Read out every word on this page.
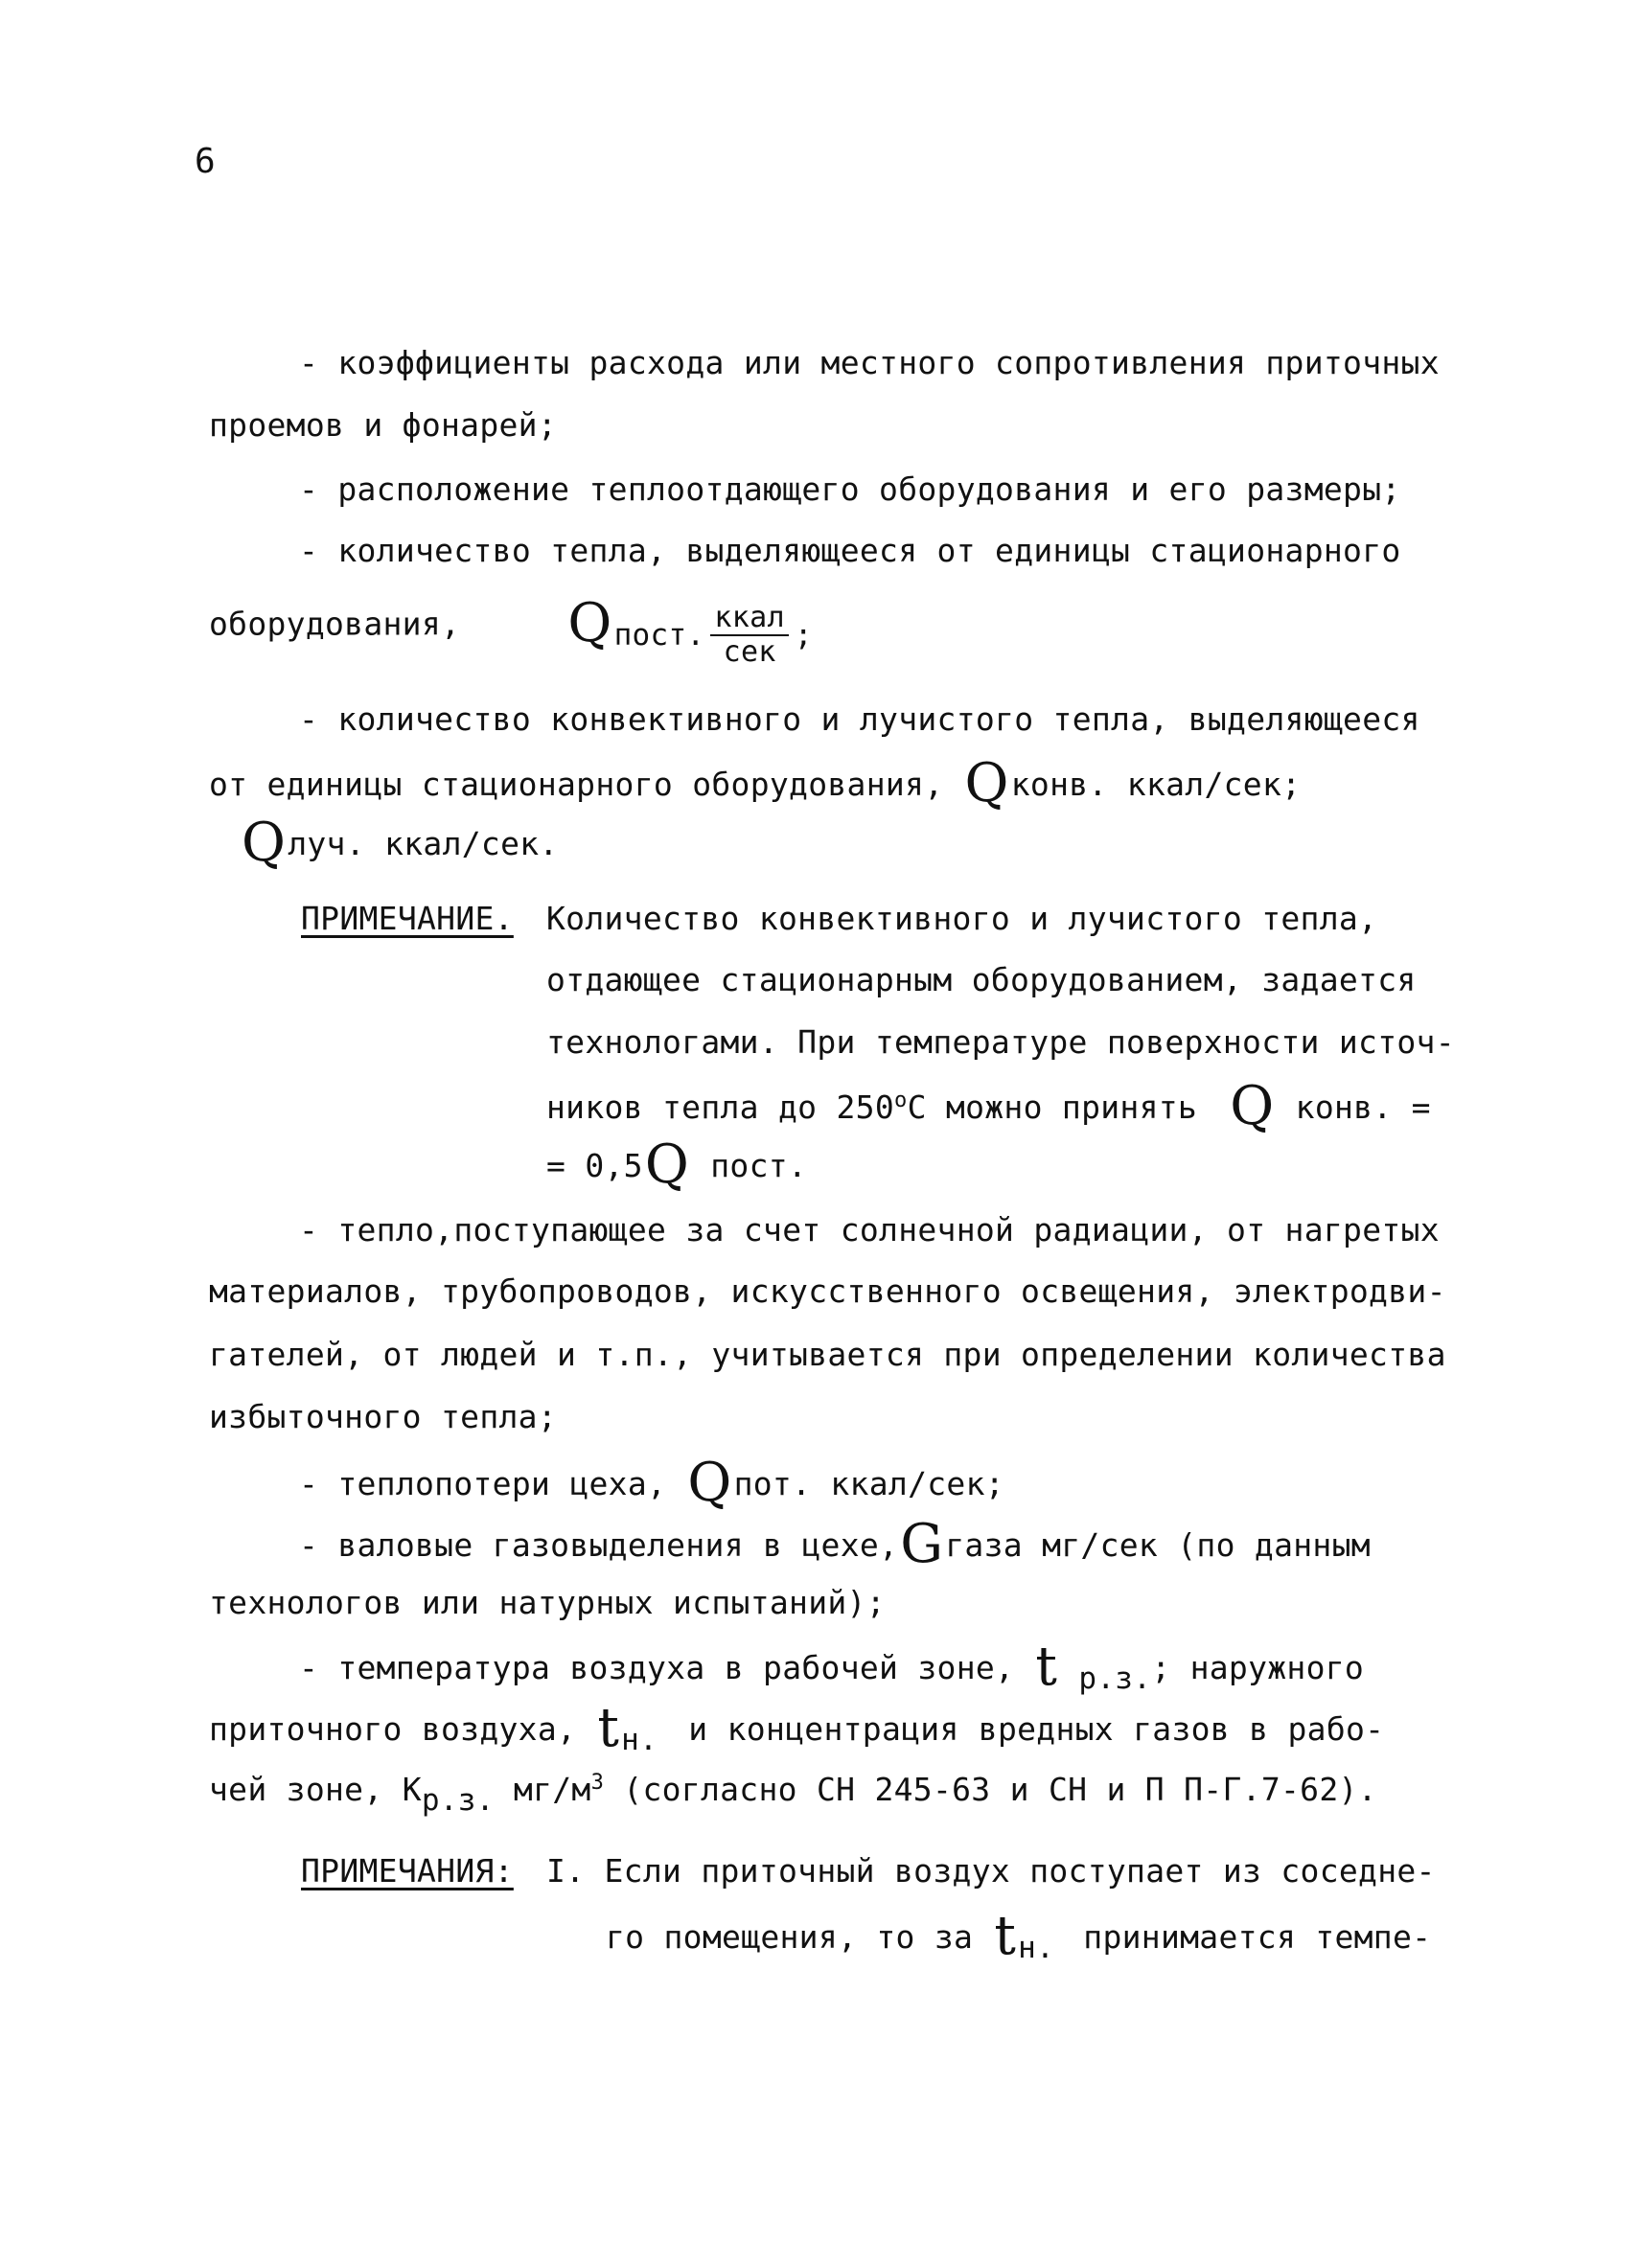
6
- коэффициенты расхода или местного сопротивления приточных
проемов и фонарей;
- расположение теплоотдающего оборудования и его размеры;
- количество тепла, выделяющееся от единицы стационарного
оборудования, Qпост. $\frac{\text{ккал}}{\text{сек}}$ ;
- количество конвективного и лучистого тепла, выделяющееся
от единицы стационарного оборудования, Qконв. ккал/сек;
Qлуч. ккал/сек.
ПРИМЕЧАНИЕ. Количество конвективного и лучистого тепла,
отдающее стационарным оборудованием, задается
технологами. При температуре поверхности источ-
ников тепла до $250^оС$ можно принять Q конв. =
= 0,5Q пост.
- тепло,поступающее за счет солнечной радиации, от нагретых
материалов, трубопроводов, искусственного освещения, электродви-
гателей, от людей и т.п., учитывается при определении количества
избыточного тепла;
- теплопотери цеха, Qпот. ккал/сек;
- валовые газовыделения в цехе,Gгаза мг/сек (по данным
технологов или натурных испытаний);
- температура воздуха в рабочей зоне, t р.з.; наружного
приточного воздуха, tн. и концентрация вредных газов в рабо-
чей зоне, Кр.з. $мг/м^3$ (согласно СН 245-63 и СН и П П-Г.7-62).
ПРИМЕЧАНИЯ: I. Если приточный воздух поступает из соседне-
го помещения, то за tн. принимается темпе-
